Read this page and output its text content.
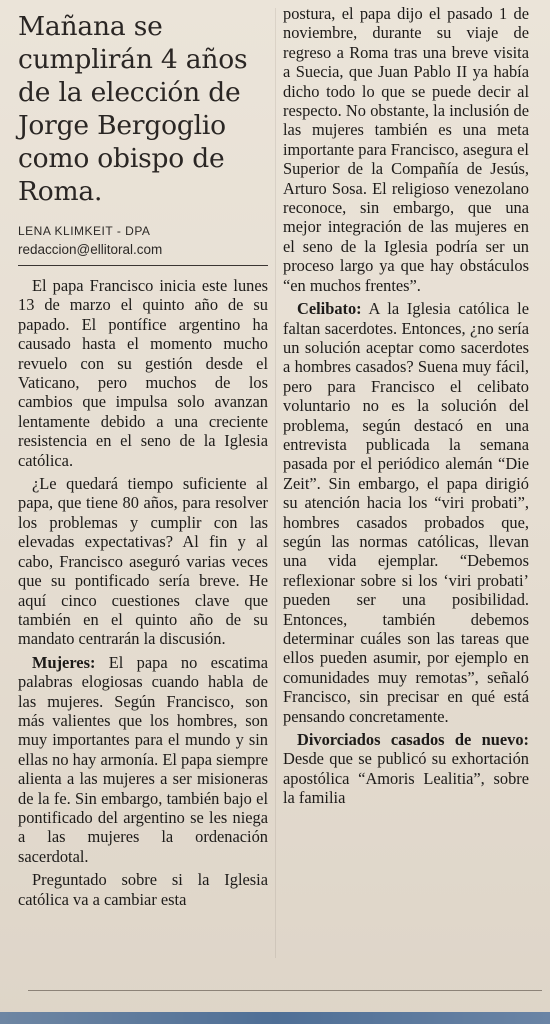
Mañana se cumplirán 4 años de la elección de Jorge Bergoglio como obispo de Roma.
LENA KLIMKEIT - DPA
redaccion@ellitoral.com

El papa Francisco inicia este lunes 13 de marzo el quinto año de su papado. El pontífice argentino ha causado hasta el momento mucho revuelo con su gestión desde el Vaticano, pero muchos de los cambios que impulsa solo avanzan lentamente debido a una creciente resistencia en el seno de la Iglesia católica.

¿Le quedará tiempo suficiente al papa, que tiene 80 años, para resolver los problemas y cumplir con las elevadas expectativas? Al fin y al cabo, Francisco aseguró varias veces que su pontificado sería breve. He aquí cinco cuestiones clave que también en el quinto año de su mandato centrarán la discusión.

Mujeres: El papa no escatima palabras elogiosas cuando habla de las mujeres. Según Francisco, son más valientes que los hombres, son muy importantes para el mundo y sin ellas no hay armonía. El papa siempre alienta a las mujeres a ser misioneras de la fe. Sin embargo, también bajo el pontificado del argentino se les niega a las mujeres la ordenación sacerdotal.

Preguntado sobre si la Iglesia católica va a cambiar esta

postura, el papa dijo el pasado 1 de noviembre, durante su viaje de regreso a Roma tras una breve visita a Suecia, que Juan Pablo II ya había dicho todo lo que se puede decir al respecto. No obstante, la inclusión de las mujeres también es una meta importante para Francisco, asegura el Superior de la Compañía de Jesús, Arturo Sosa. El religioso venezolano reconoce, sin embargo, que una mejor integración de las mujeres en el seno de la Iglesia podría ser un proceso largo ya que hay obstáculos “en muchos frentes”.

Celibato: A la Iglesia católica le faltan sacerdotes. Entonces, ¿no sería un solución aceptar como sacerdotes a hombres casados? Suena muy fácil, pero para Francisco el celibato voluntario no es la solución del problema, según destacó en una entrevista publicada la semana pasada por el periódico alemán “Die Zeit”. Sin embargo, el papa dirigió su atención hacia los “viri probati”, hombres casados probados que, según las normas católicas, llevan una vida ejemplar. “Debemos reflexionar sobre si los ‘viri probati’ pueden ser una posibilidad. Entonces, también debemos determinar cuáles son las tareas que ellos pueden asumir, por ejemplo en comunidades muy remotas”, señaló Francisco, sin precisar en qué está pensando concretamente.

Divorciados casados de nuevo: Desde que se publicó su exhortación apostólica “Amoris Lealitia”, sobre la familia
